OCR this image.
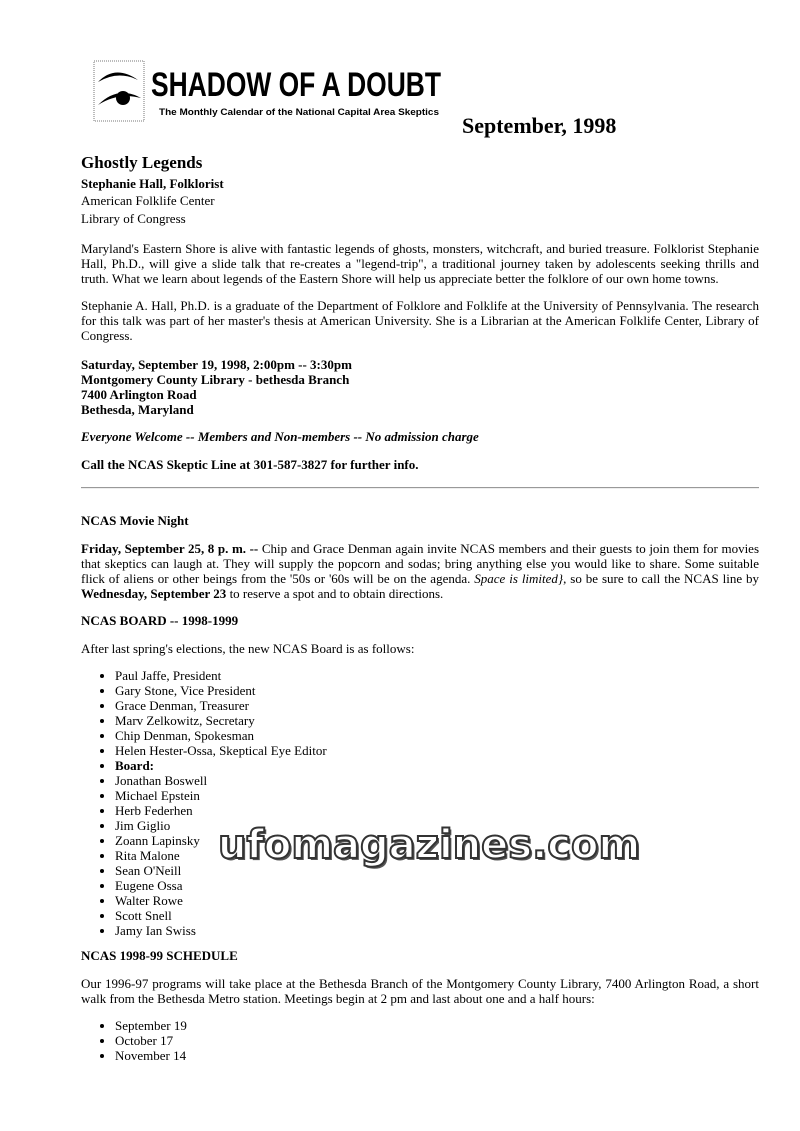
SHADOW OF A DOUBT
The Monthly Calendar of the National Capital Area Skeptics
September, 1998
Ghostly Legends
Stephanie Hall, Folklorist
American Folklife Center
Library of Congress

Maryland's Eastern Shore is alive with fantastic legends of ghosts, monsters, witchcraft, and buried treasure. Folklorist Stephanie Hall, Ph.D., will give a slide talk that re-creates a "legend-trip", a traditional journey taken by adolescents seeking thrills and truth. What we learn about legends of the Eastern Shore will help us appreciate better the folklore of our own home towns.

Stephanie A. Hall, Ph.D. is a graduate of the Department of Folklore and Folklife at the University of Pennsylvania. The research for this talk was part of her master's thesis at American University. She is a Librarian at the American Folklife Center, Library of Congress.

Saturday, September 19, 1998, 2:00pm -- 3:30pm
Montgomery County Library - bethesda Branch
7400 Arlington Road
Bethesda, Maryland
Everyone Welcome -- Members and Non-members -- No admission charge
Call the NCAS Skeptic Line at 301-587-3827 for further info.
NCAS Movie Night

Friday, September 25, 8 p. m. -- Chip and Grace Denman again invite NCAS members and their guests to join them for movies that skeptics can laugh at. They will supply the popcorn and sodas; bring anything else you would like to share. Some suitable flick of aliens or other beings from the '50s or '60s will be on the agenda. Space is limited}, so be sure to call the NCAS line by Wednesday, September 23 to reserve a spot and to obtain directions.

NCAS BOARD -- 1998-1999
After last spring's elections, the new NCAS Board is as follows:
• Paul Jaffe, President
• Gary Stone, Vice President
• Grace Denman, Treasurer
• Marv Zelkowitz, Secretary
• Chip Denman, Spokesman
• Helen Hester-Ossa, Skeptical Eye Editor
• Board:
• Jonathan Boswell
• Michael Epstein
• Herb Federhen
• Jim Giglio
• Zoann Lapinsky
• Rita Malone
• Sean O'Neill
• Eugene Ossa
• Walter Rowe
• Scott Snell
• Jamy Ian Swiss
NCAS 1998-99 SCHEDULE

Our 1996-97 programs will take place at the Bethesda Branch of the Montgomery County Library, 7400 Arlington Road, a short walk from the Bethesda Metro station. Meetings begin at 2 pm and last about one and a half hours:

• September 19
• October 17
• November 14
ufomagazines.com
